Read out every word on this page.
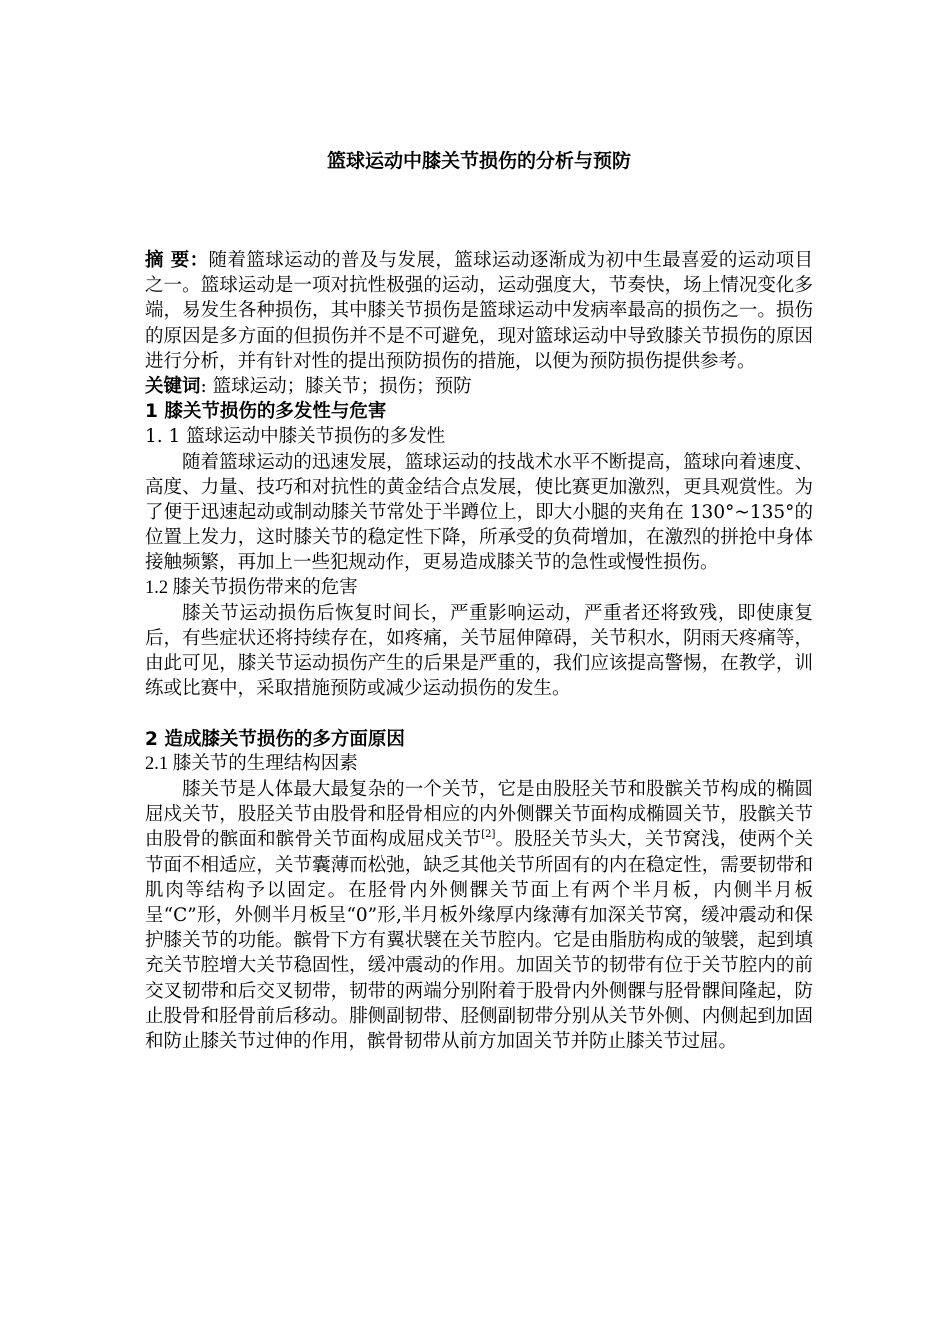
篮球运动中膝关节损伤的分析与预防

摘 要：随着篮球运动的普及与发展，篮球运动逐渐成为初中生最喜爱的运动项目之一。篮球运动是一项对抗性极强的运动，运动强度大，节奏快，场上情况变化多端，易发生各种损伤，其中膝关节损伤是篮球运动中发病率最高的损伤之一。损伤的原因是多方面的但损伤并不是不可避免，现对篮球运动中导致膝关节损伤的原因进行分析，并有针对性的提出预防损伤的措施，以便为预防损伤提供参考。

关键词: 篮球运动；膝关节；损伤；预防

1 膝关节损伤的多发性与危害

1. 1 篮球运动中膝关节损伤的多发性

随着篮球运动的迅速发展，篮球运动的技战术水平不断提高，篮球向着速度、高度、力量、技巧和对抗性的黄金结合点发展，使比赛更加激烈，更具观赏性。为了便于迅速起动或制动膝关节常处于半蹲位上，即大小腿的夹角在 130°~135°的位置上发力，这时膝关节的稳定性下降，所承受的负荷增加，在激烈的拼抢中身体接触频繁，再加上一些犯规动作，更易造成膝关节的急性或慢性损伤。

1.2 膝关节损伤带来的危害

膝关节运动损伤后恢复时间长，严重影响运动，严重者还将致残，即使康复后，有些症状还将持续存在，如疼痛，关节屈伸障碍，关节积水，阴雨天疼痛等，由此可见，膝关节运动损伤产生的后果是严重的，我们应该提高警惕，在教学，训练或比赛中，采取措施预防或减少运动损伤的发生。

2 造成膝关节损伤的多方面原因

2.1 膝关节的生理结构因素

膝关节是人体最大最复杂的一个关节，它是由股胫关节和股髌关节构成的椭圆屈戍关节，股胫关节由股骨和胫骨相应的内外侧髁关节面构成椭圆关节，股髌关节由股骨的髌面和髌骨关节面构成屈戍关节[2]。股胫关节头大，关节窝浅，使两个关节面不相适应，关节囊薄而松弛，缺乏其他关节所固有的内在稳定性，需要韧带和肌肉等结构予以固定。在胫骨内外侧髁关节面上有两个半月板，内侧半月板呈“C”形，外侧半月板呈“0”形,半月板外缘厚内缘薄有加深关节窝，缓冲震动和保护膝关节的功能。髌骨下方有翼状襞在关节腔内。它是由脂肪构成的皱襞，起到填充关节腔增大关节稳固性，缓冲震动的作用。加固关节的韧带有位于关节腔内的前交叉韧带和后交叉韧带，韧带的两端分别附着于股骨内外侧髁与胫骨髁间隆起，防止股骨和胫骨前后移动。腓侧副韧带、胫侧副韧带分别从关节外侧、内侧起到加固和防止膝关节过伸的作用，髌骨韧带从前方加固关节并防止膝关节过屈。
